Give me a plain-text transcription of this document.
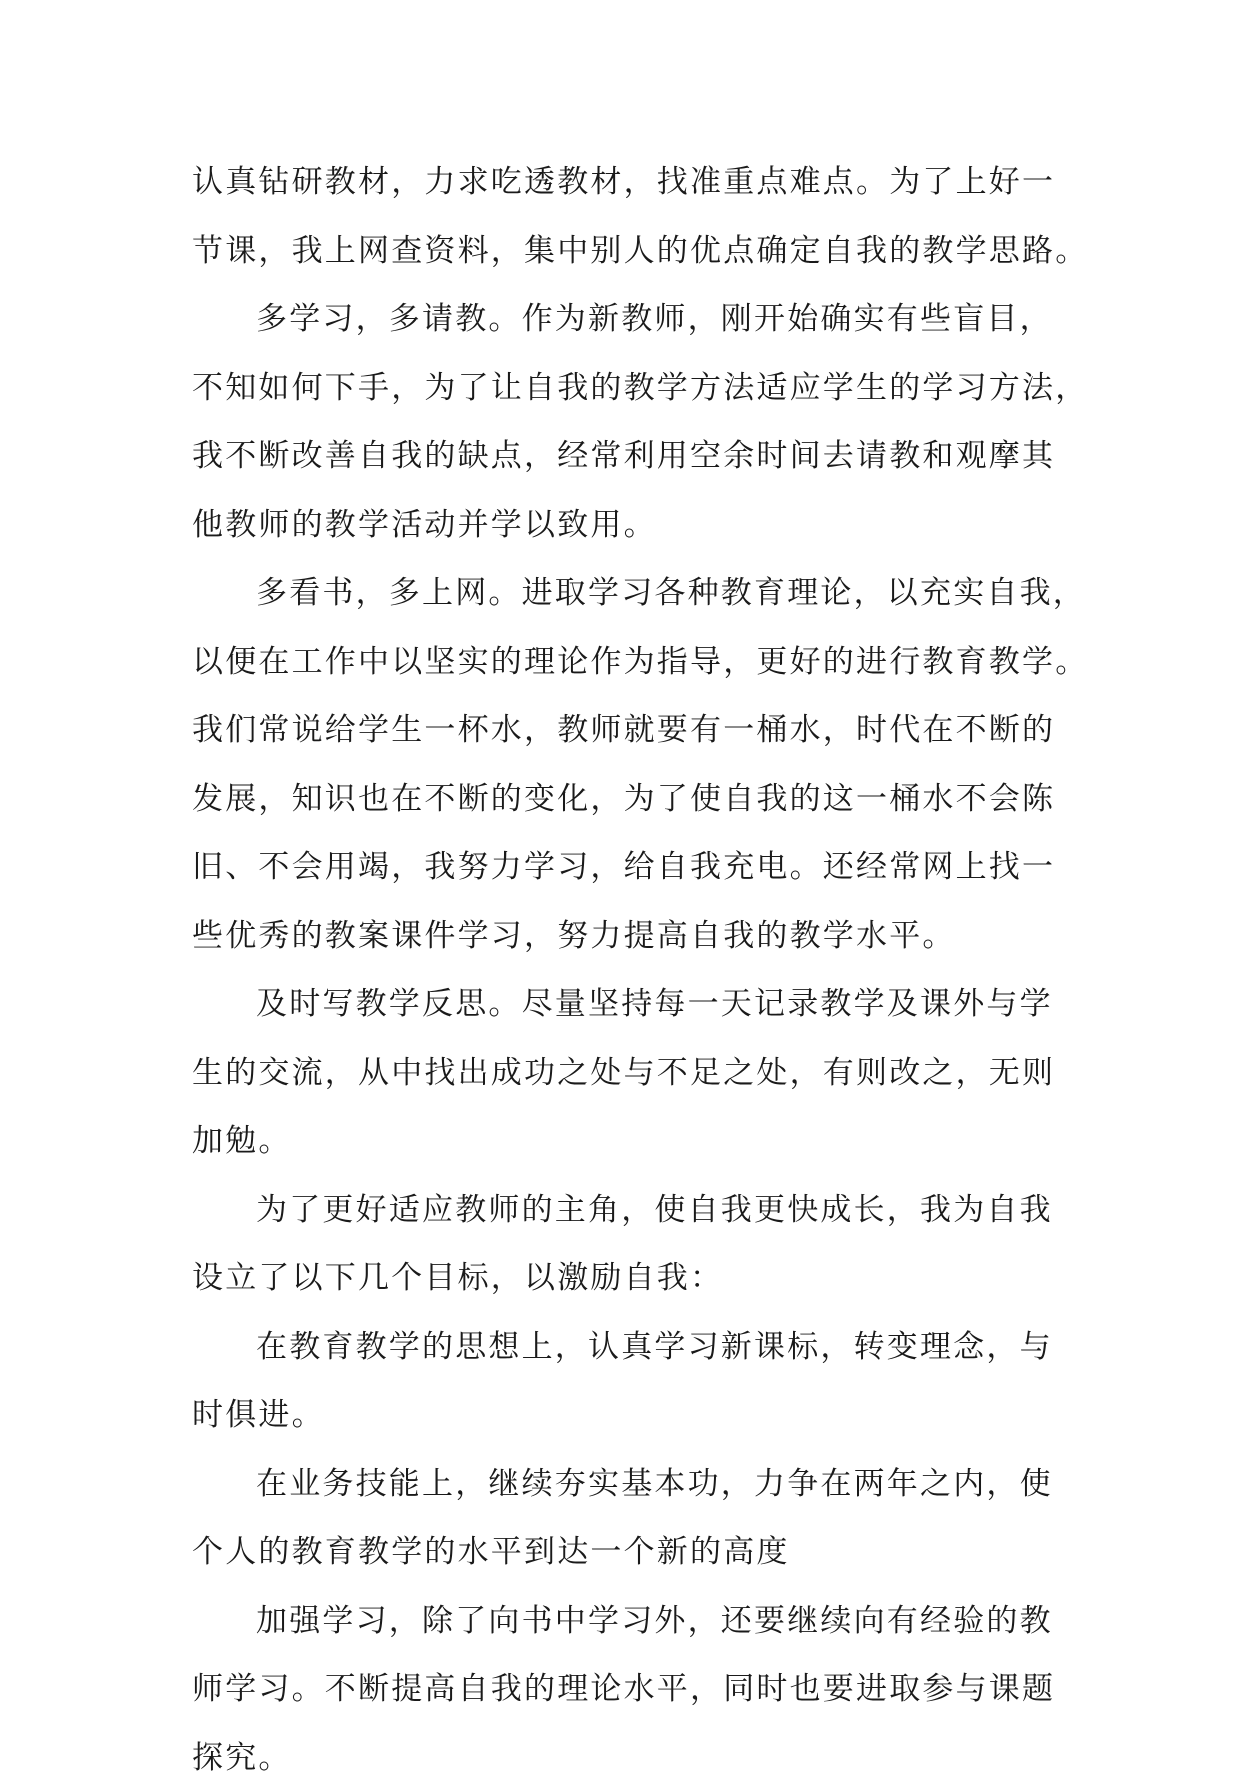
认真钻研教材，力求吃透教材，找准重点难点。为了上好一
节课，我上网查资料，集中别人的优点确定自我的教学思路。
多学习，多请教。作为新教师，刚开始确实有些盲目，
不知如何下手，为了让自我的教学方法适应学生的学习方法，
我不断改善自我的缺点，经常利用空余时间去请教和观摩其
他教师的教学活动并学以致用。
多看书，多上网。进取学习各种教育理论，以充实自我，
以便在工作中以坚实的理论作为指导，更好的进行教育教学。
我们常说给学生一杯水，教师就要有一桶水，时代在不断的
发展，知识也在不断的变化，为了使自我的这一桶水不会陈
旧、不会用竭，我努力学习，给自我充电。还经常网上找一
些优秀的教案课件学习，努力提高自我的教学水平。
及时写教学反思。尽量坚持每一天记录教学及课外与学
生的交流，从中找出成功之处与不足之处，有则改之，无则
加勉。
为了更好适应教师的主角，使自我更快成长，我为自我
设立了以下几个目标，以激励自我：
在教育教学的思想上，认真学习新课标，转变理念，与
时俱进。
在业务技能上，继续夯实基本功，力争在两年之内，使
个人的教育教学的水平到达一个新的高度
加强学习，除了向书中学习外，还要继续向有经验的教
师学习。不断提高自我的理论水平，同时也要进取参与课题
探究。
